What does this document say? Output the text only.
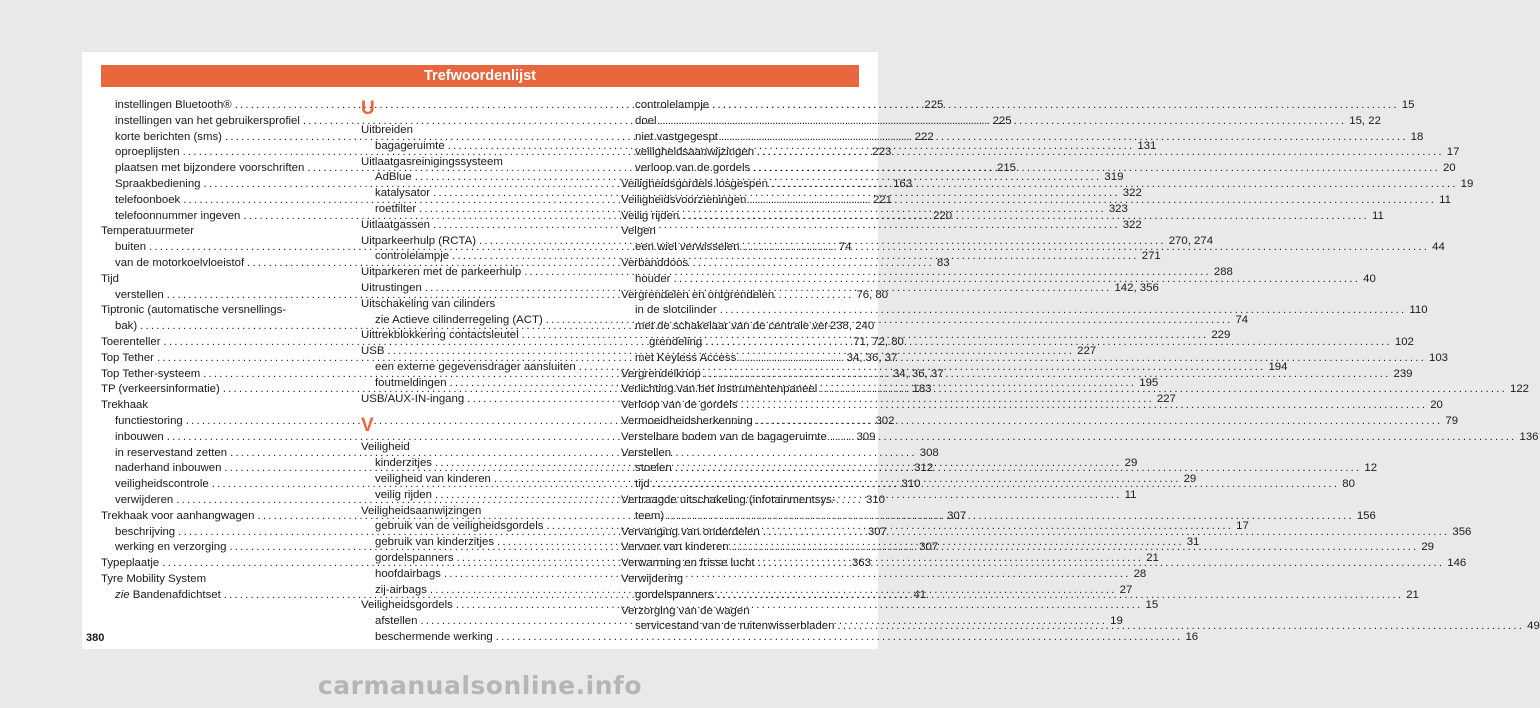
Trefwoordenlijst
instellingen Bluetooth® .....	225
instellingen van het gebruikersprofiel .....	225
korte berichten (sms) .....	222
oproeplijsten .....	223
plaatsen met bijzondere voorschriften .....	215
Spraakbediening .....	163
telefoonboek .....	221
telefoonnummer ingeven .....	220
Temperatuurmeter
buiten .....	74
van de motorkoelvloeistof .....	83
Tijd
verstellen .....	76, 80
Tiptronic (automatische versnellings-
bak) .....	238, 240
Toerenteller .....	71, 72, 80
Top Tether .....	34, 36, 37
Top Tether-systeem .....	34, 36, 37
TP (verkeersinformatie) .....	183
Trekhaak
functiestoring .....	302
inbouwen .....	309
in reservestand zetten .....	308
naderhand inbouwen .....	312
veiligheidscontrole .....	310
verwijderen .....	310
Trekhaak voor aanhangwagen .....	307
beschrijving .....	307
werking en verzorging .....	307
Typeplaatje .....	363
Tyre Mobility System
zie Bandenafdichtset .....	41
U
Uitbreiden
bagageruimte .....	131
Uitlaatgasreinigingssysteem
AdBlue .....	319
katalysator .....	322
roetfilter .....	323
Uitlaatgassen .....	322
Uitparkeerhulp (RCTA) .....	270, 274
controlelampje .....	271
Uitparkeren met de parkeerhulp .....	288
Uitrustingen .....	142, 356
Uitschakeling van cilinders
zie Actieve cilinderregeling (ACT) .....	74
Uittrekblokkering contactsleutel .....	229
USB .....	227
een externe gegevensdrager aansluiten .....	194
foutmeldingen .....	195
USB/AUX-IN-ingang .....	227
V
Veiligheid
kinderzitjes .....	29
veiligheid van kinderen .....	29
veilig rijden .....	11
Veiligheidsaanwijzingen
gebruik van de veiligheidsgordels .....	17
gebruik van kinderzitjes .....	31
gordelspanners .....	21
hoofdairbags .....	28
zij-airbags .....	27
Veiligheidsgordels .....	15
afstellen .....	19
beschermende werking .....	16
controlelampje .....	15
doel .....	15, 22
niet vastgegespt .....	18
veiligheidsaanwijzingen .....	17
verloop van de gordels .....	20
Veiligheidsgordels losgespen .....	19
Veiligheidsvoorzieningen .....	11
Veilig rijden .....	11
Velgen
een wiel verwisselen .....	44
Verbanddoos
houder .....	40
Vergrendelen en ontgrendelen
in de slotcilinder .....	110
met de schakelaar van de centrale ver-
grendeling .....	102
met Keyless Access .....	103
Vergrendelknop .....	239
Verlichting van het instrumentenpaneel .....	122
Verloop van de gordels .....	20
Vermoeidheidsherkenning .....	79
Verstelbare bodem van de bagageruimte .....	136
Verstellen
stoelen .....	12
tijd .....	80
Vertraagde uitschakeling (infotainmentsys-
teem) .....	156
Vervanging van onderdelen .....	356
Vervoer van kinderen .....	29
Verwarming en frisse lucht .....	146
Verwijdering
gordelspanners .....	21
Verzorging van de wagen
servicestand van de ruitenwisserbladen .....	49
380
carmanualsonline.info
